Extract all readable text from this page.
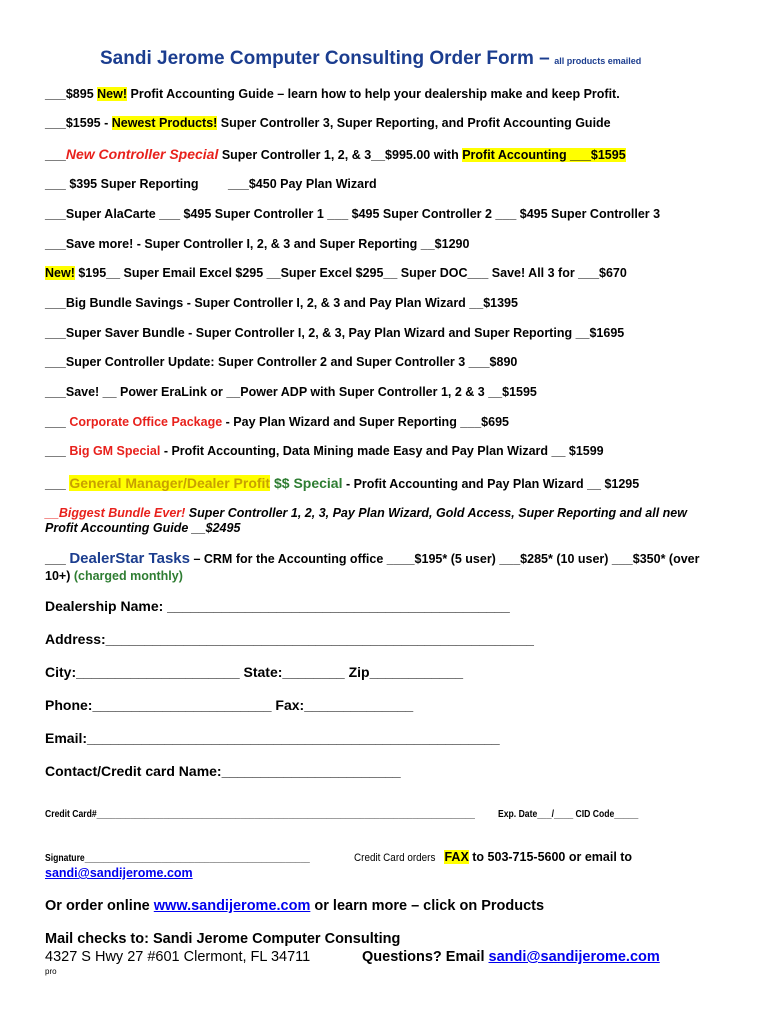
Sandi Jerome Computer Consulting Order Form – all products emailed
___$895 New! Profit Accounting Guide – learn how to help your dealership make and keep Profit.
___$1595 - Newest Products! Super Controller 3, Super Reporting, and Profit Accounting Guide
___New Controller Special Super Controller 1, 2, & 3__$995.00 with Profit Accounting ___$1595
___ $395 Super Reporting ___$450 Pay Plan Wizard
___Super AlaCarte ___ $495 Super Controller 1 ___ $495 Super Controller 2 ___ $495 Super Controller 3
___Save more! - Super Controller I, 2, & 3 and Super Reporting __$1290
New! $195__ Super Email Excel $295 __Super Excel $295__ Super DOC___ Save! All 3 for ___$670
___Big Bundle Savings - Super Controller I, 2, & 3 and Pay Plan Wizard __$1395
___Super Saver Bundle - Super Controller I, 2, & 3, Pay Plan Wizard and Super Reporting __$1695
___Super Controller Update: Super Controller 2 and Super Controller 3 ___$890
___Save! __ Power EraLink or __Power ADP with Super Controller 1, 2 & 3 __$1595
___ Corporate Office Package - Pay Plan Wizard and Super Reporting ___$695
___ Big GM Special - Profit Accounting, Data Mining made Easy and Pay Plan Wizard __ $1599
___ General Manager/Dealer Profit $$ Special - Profit Accounting and Pay Plan Wizard __ $1295
__Biggest Bundle Ever! Super Controller 1, 2, 3, Pay Plan Wizard, Gold Access, Super Reporting and all new
Profit Accounting Guide __$2495
___ DealerStar Tasks – CRM for the Accounting office ____$195* (5 user) ___$285* (10 user) ___$350* (over
10+) (charged monthly)
Dealership Name: ____________________________________________
Address:_______________________________________________________
City:_____________________ State:________ Zip____________
Phone:_______________________ Fax:______________
Email:_____________________________________________________
Contact/Credit card Name:_______________________
Credit Card#_______________________________________________________________________________ Exp. Date___/____ CID Code_____
Signature_______________________________________________	Credit Card ordersFAX to 503-715-5600 or email to
sandi@sandijerome.com
Or order online www.sandijerome.com or learn more – click on Products
Mail checks to: Sandi Jerome Computer Consulting
4327 S Hwy 27 #601 Clermont, FL 34711	Questions? Email sandi@sandijerome.com
pro
